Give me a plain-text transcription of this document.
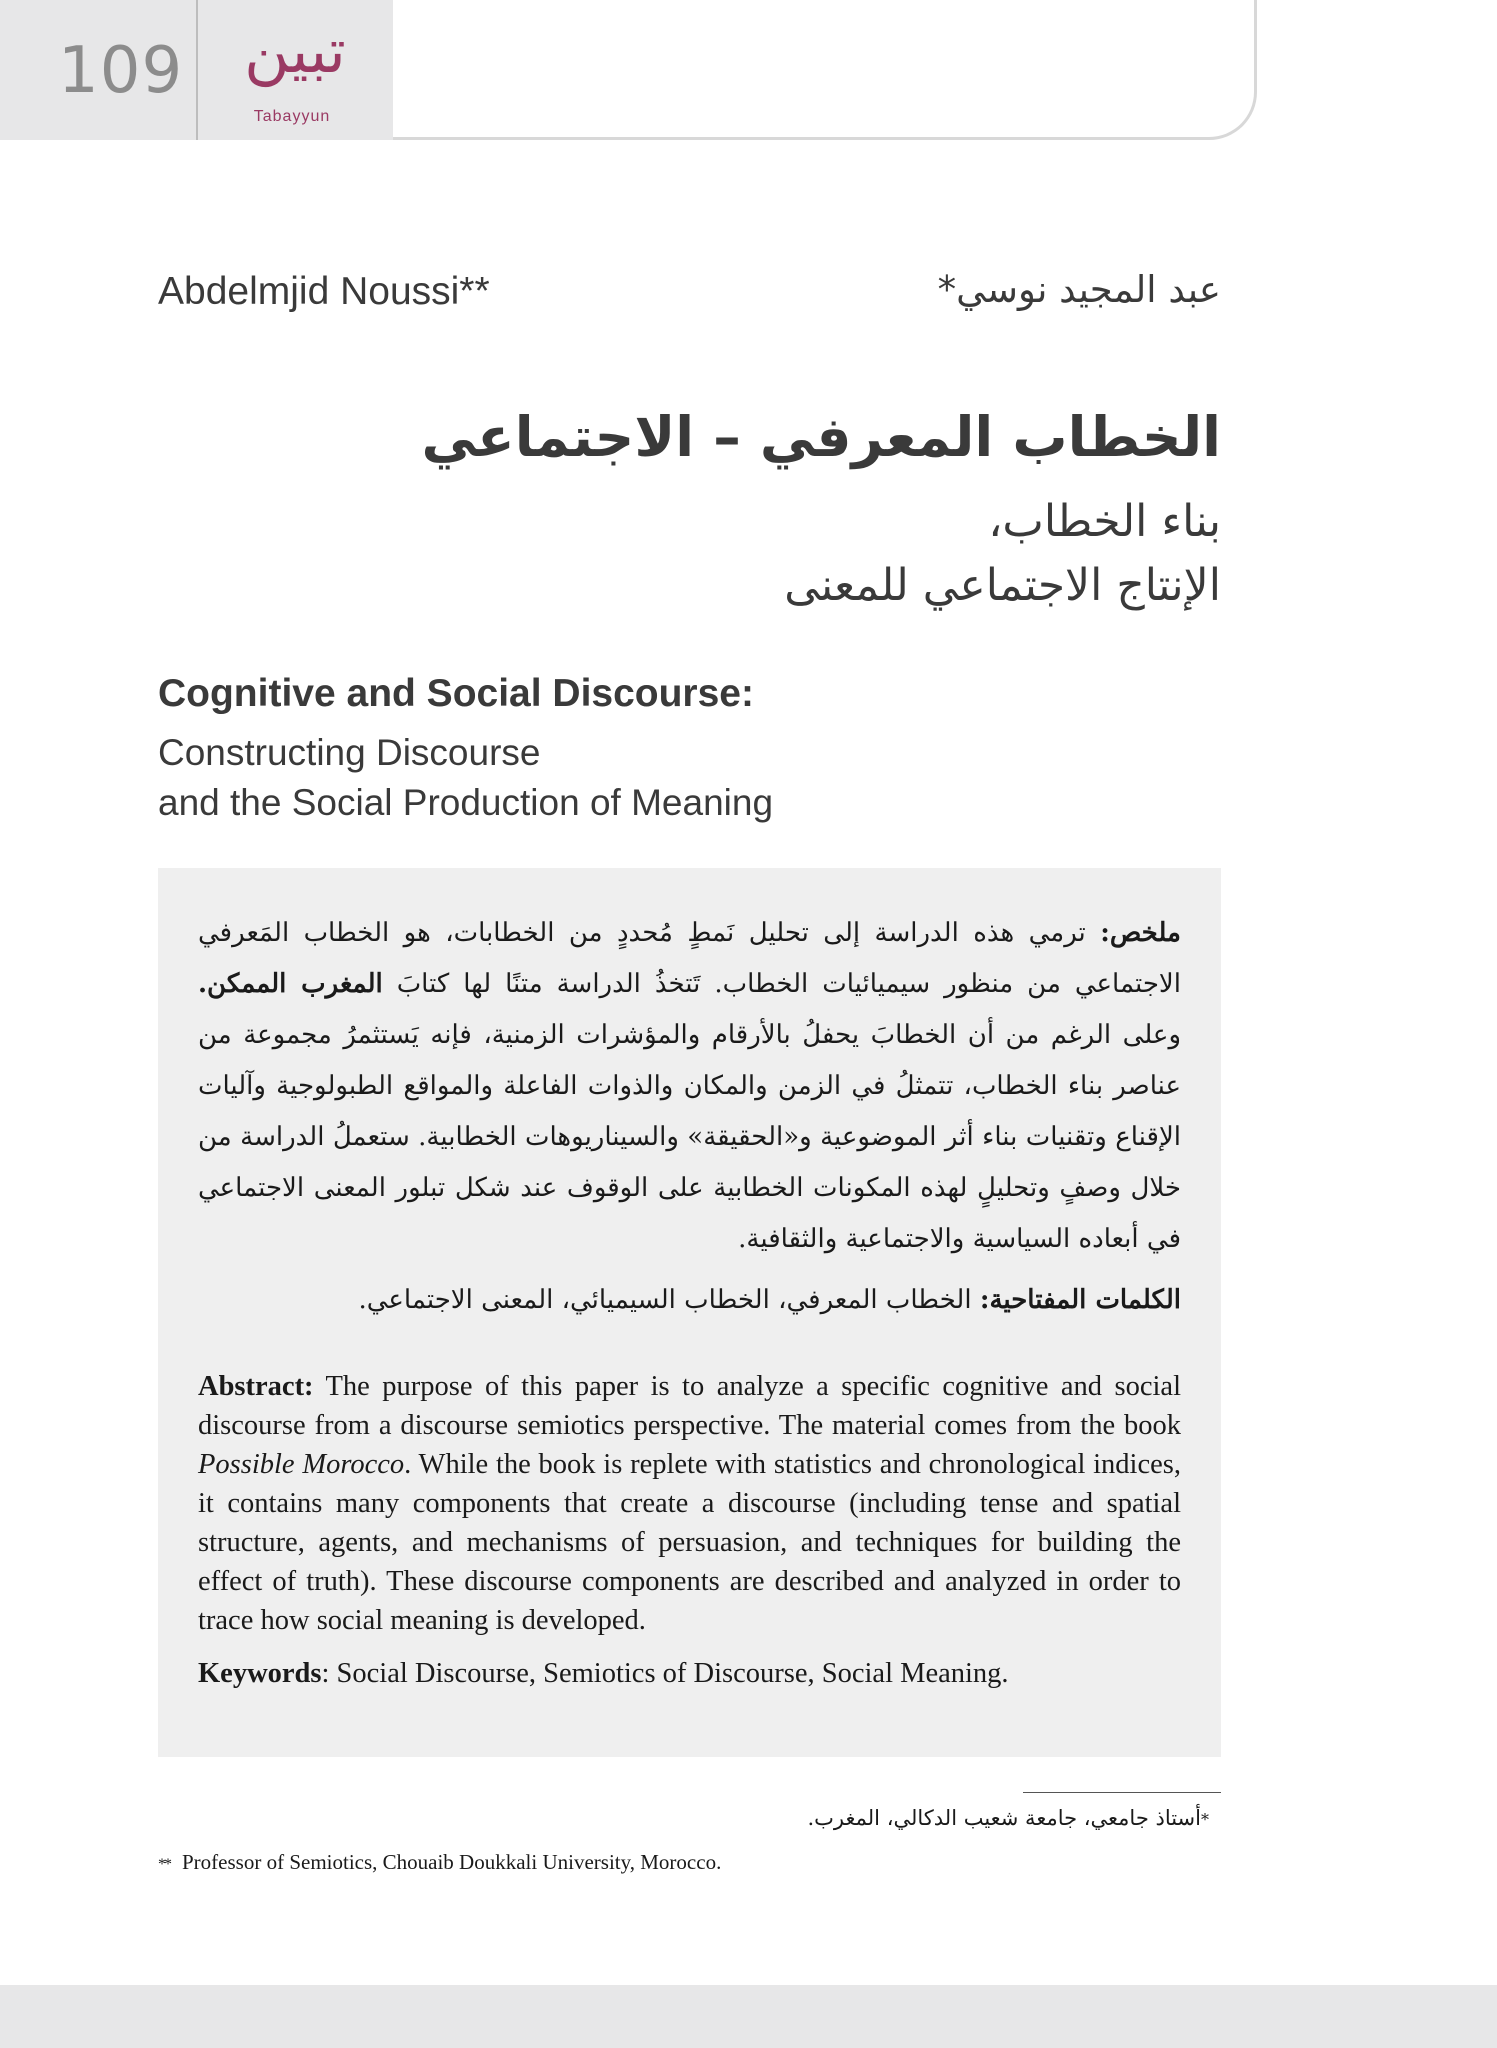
109 تبين
Tabayyun
Abdelmjid Noussi**	عبد المجيد نوسي*
الخطاب المعرفي – الاجتماعي
بناء الخطاب،
الإنتاج الاجتماعي للمعنى
Cognitive and Social Discourse:
Constructing Discourse
and the Social Production of Meaning

ملخص: ترمي هذه الدراسة إلى تحليل نَمطٍ مُحددٍ من الخطابات، هو الخطاب المَعرفي الاجتماعي من منظور سيميائيات الخطاب. تَتخذُ الدراسة متنًا لها كتابَ المغرب الممكن. وعلى الرغم من أن الخطابَ يحفلُ بالأرقام والمؤشرات الزمنية، فإنه يَستثمرُ مجموعة من عناصر بناء الخطاب، تتمثلُ في الزمن والمكان والذوات الفاعلة والمواقع الطبولوجية وآليات الإقناع وتقنيات بناء أثر الموضوعية و«الحقيقة» والسيناريوهات الخطابية. ستعملُ الدراسة من خلال وصفٍ وتحليلٍ لهذه المكونات الخطابية على الوقوف عند شكل تبلور المعنى الاجتماعي في أبعاده السياسية والاجتماعية والثقافية.

الكلمات المفتاحية: الخطاب المعرفي، الخطاب السيميائي، المعنى الاجتماعي.

Abstract: The purpose of this paper is to analyze a specific cognitive and social discourse from a discourse semiotics perspective. The material comes from the book Possible Morocco. While the book is replete with statistics and chronological indices, it contains many components that create a discourse (including tense and spatial structure, agents, and mechanisms of persuasion, and techniques for building the effect of truth). These discourse components are described and analyzed in order to trace how social meaning is developed.

Keywords: Social Discourse, Semiotics of Discourse, Social Meaning.

*أستاذ جامعي، جامعة شعيب الدكالي، المغرب.
** Professor of Semiotics, Chouaib Doukkali University, Morocco.
